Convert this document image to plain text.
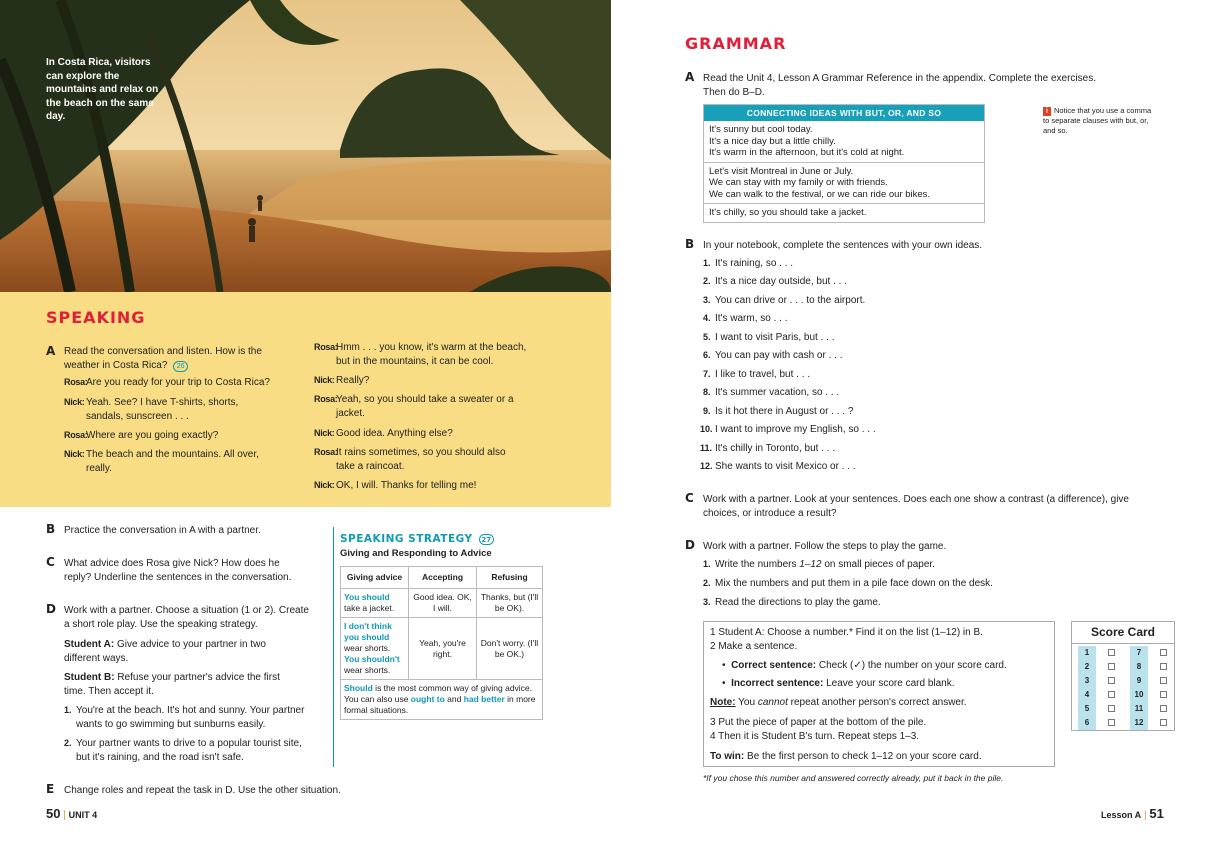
In Costa Rica, visitors can explore the mountains and relax on the beach on the same day.
SPEAKING
A Read the conversation and listen. How is the
weather in Costa Rica? 26
Rosa:Are you ready for your trip to Costa Rica?
Nick: Yeah. See? I have T-shirts, shorts,
sandals, sunscreen . . .
Rosa:Where are you going exactly?
Nick: The beach and the mountains. All over,
really.
Rosa:
Hmm . . . you know, it's warm at the beach,
but in the mountains, it can be cool.
Nick:Really?
Rosa:
Yeah, so you should take a sweater or a
jacket.
Nick:Good idea. Anything else?
Rosa:
It rains sometimes, so you should also
take a raincoat.
Nick:OK, I will. Thanks for telling me!
B Practice the conversation in A with a partner.
C What advice does Rosa give Nick? How does he
reply? Underline the sentences in the conversation.
D Work with a partner. Choose a situation (1 or 2). Create
a short role play. Use the speaking strategy.
Student A: Give advice to your partner in two
different ways.
Student B: Refuse your partner's advice the first
time. Then accept it.
1. You're at the beach. It's hot and sunny. Your partner
wants to go swimming but sunburns easily.
2. Your partner wants to drive to a popular tourist site,
but it's raining, and the road isn't safe.
E Change roles and repeat the task in D. Use the other situation.
SPEAKING STRATEGY 27
Giving and Responding to Advice
Giving advice	Accepting	Refusing
You should
take a jacket.	Good idea. OK, I will.	Thanks, but (I'll be OK).
I don't think you should
wear shorts.
You shouldn't
wear shorts.	Yeah, you're right.	Don't worry. (I'll be OK.)
Should is the most common way of giving advice. You can also use ought to and had better in more formal situations.		
50 | UNIT 4
GRAMMAR
A Read the Unit 4, Lesson A Grammar Reference in the appendix. Complete the exercises.
Then do B–D.
CONNECTING IDEAS WITH BUT, OR, AND SO
It's sunny but cool today.
It's a nice day but a little chilly.
It's warm in the afternoon, but it's cold at night.
Let's visit Montreal in June or July.
We can stay with my family or with friends.
We can walk to the festival, or we can ride our bikes.
It's chilly, so you should take a jacket.
i Notice that you use a comma to separate clauses with but, or, and so.
B In your notebook, complete the sentences with your own ideas.
1. It's raining, so . . .
2. It's a nice day outside, but . . .
3. You can drive or . . . to the airport.
4. It's warm, so . . .
5. I want to visit Paris, but . . .
6. You can pay with cash or . . .
7. I like to travel, but . . .
8. It's summer vacation, so . . .
9. Is it hot there in August or . . . ?
10. I want to improve my English, so . . .
11. It's chilly in Toronto, but . . .
12. She wants to visit Mexico or . . .
C Work with a partner. Look at your sentences. Does each one show a contrast (a difference), give
choices, or introduce a result?
D Work with a partner. Follow the steps to play the game.
1. Write the numbers 1–12 on small pieces of paper.
2. Mix the numbers and put them in a pile face down on the desk.
3. Read the directions to play the game.
1 Student A: Choose a number.* Find it on the list (1–12) in B.
2 Make a sentence.
•  Correct sentence: Check (✓) the number on your score card.
•  Incorrect sentence: Leave your score card blank.
Note: You cannot repeat another person's correct answer.
3 Put the piece of paper at the bottom of the pile.
4 Then it is Student B's turn. Repeat steps 1–3.
To win: Be the first person to check 1–12 on your score card.
Score Card
1
2
3
4
5
6
7
8
9
10
11
12
*If you chose this number and answered correctly already, put it back in the pile.
Lesson A | 51
